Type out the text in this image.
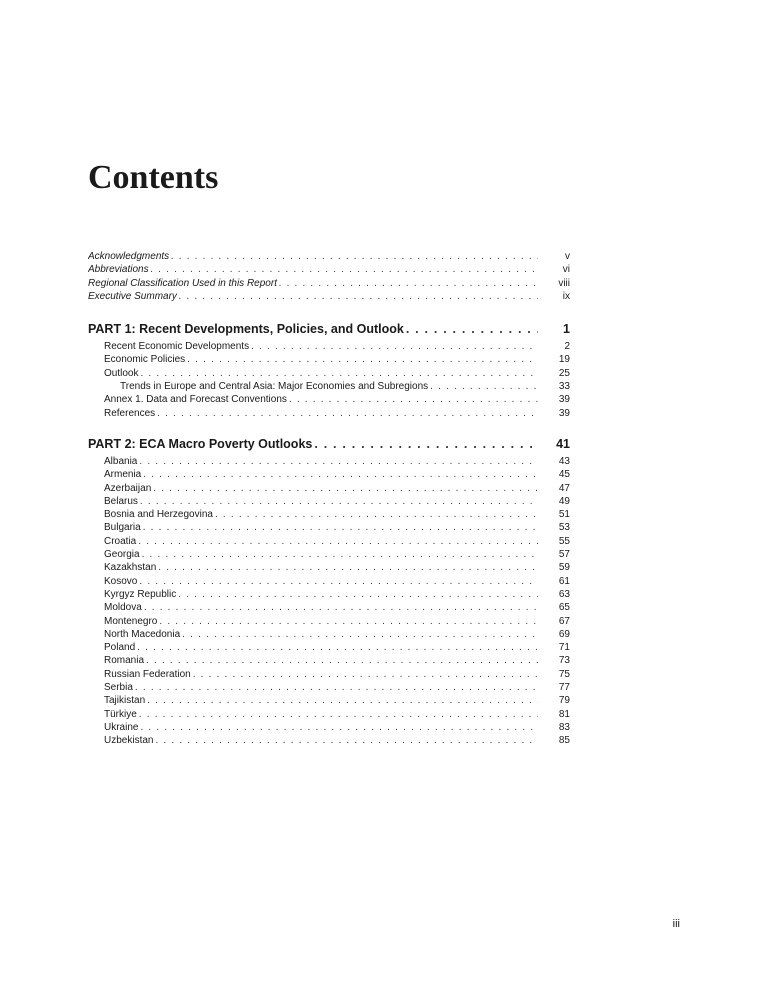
Contents
Acknowledgments . . .	v
Abbreviations . . .	vi
Regional Classification Used in this Report . . .	viii
Executive Summary . . .	ix
PART 1: Recent Developments, Policies, and Outlook . . .	1
Recent Economic Developments . . .	2
Economic Policies . . .	19
Outlook . . .	25
Trends in Europe and Central Asia: Major Economies and Subregions . . .	33
Annex 1. Data and Forecast Conventions . . .	39
References . . .	39
PART 2: ECA Macro Poverty Outlooks . . .	41
Albania . . .	43
Armenia . . .	45
Azerbaijan . . .	47
Belarus . . .	49
Bosnia and Herzegovina . . .	51
Bulgaria . . .	53
Croatia . . .	55
Georgia . . .	57
Kazakhstan . . .	59
Kosovo . . .	61
Kyrgyz Republic . . .	63
Moldova . . .	65
Montenegro . . .	67
North Macedonia . . .	69
Poland . . .	71
Romania . . .	73
Russian Federation . . .	75
Serbia . . .	77
Tajikistan . . .	79
Türkiye . . .	81
Ukraine . . .	83
Uzbekistan . . .	85
iii
